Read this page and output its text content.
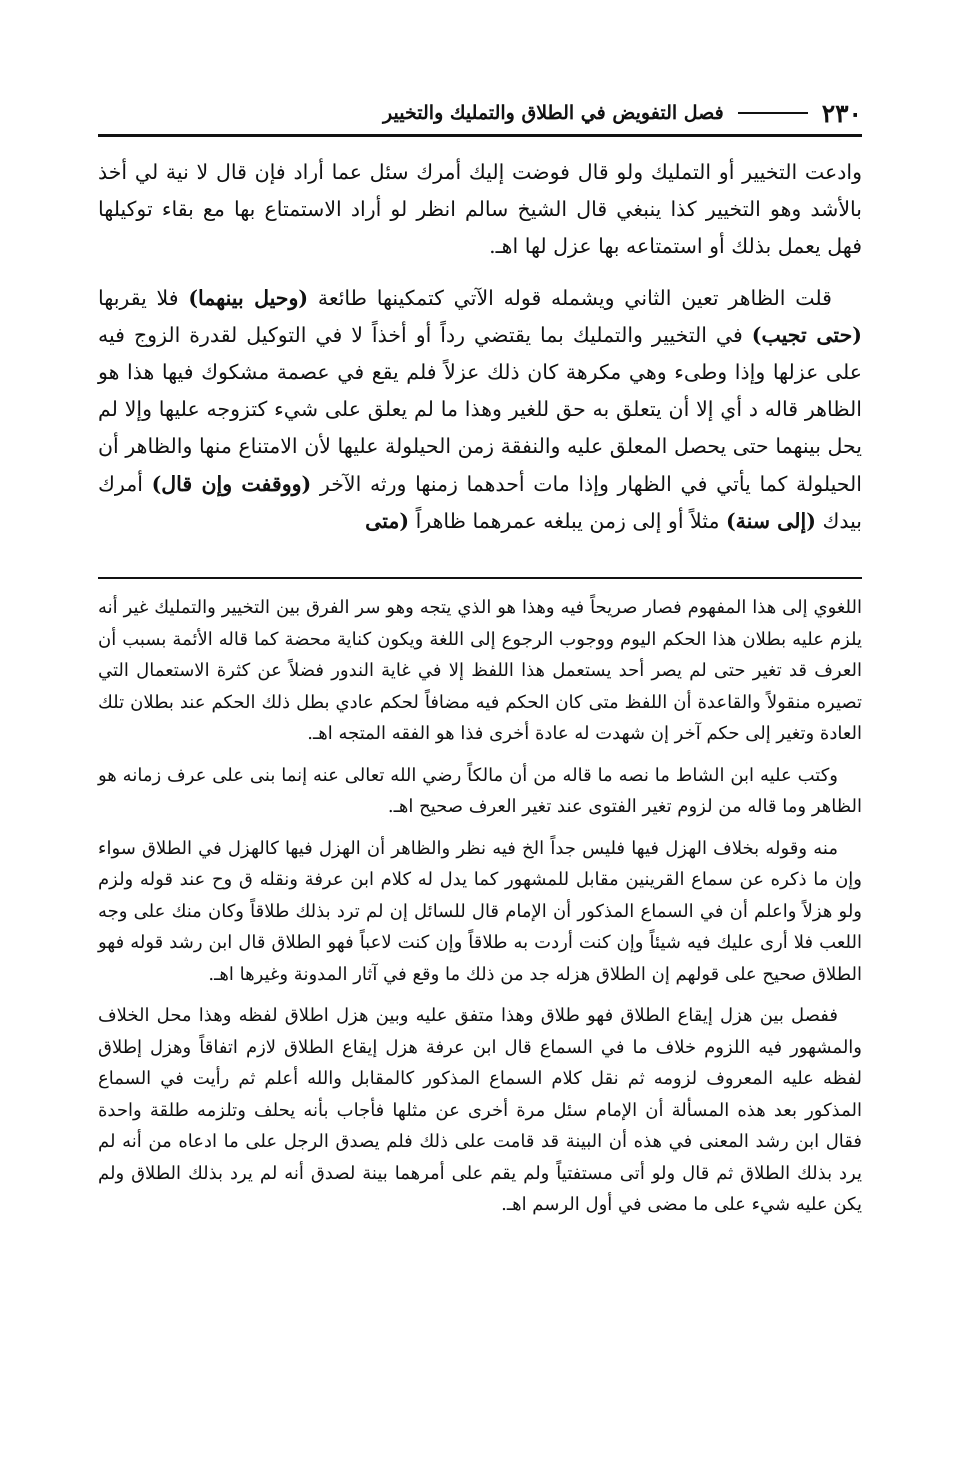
٢٣٠
فصل التفويض في الطلاق والتمليك والتخيير

وادعت التخيير أو التمليك ولو قال فوضت إليك أمرك سئل عما أراد فإن قال لا نية لي أخذ بالأشد وهو التخيير كذا ينبغي قال الشيخ سالم انظر لو أراد الاستمتاع بها مع بقاء توكيلها فهل يعمل بذلك أو استمتاعه بها عزل لها اهـ.

قلت الظاهر تعين الثاني ويشمله قوله الآتي كتمكينها طائعة (وحيل بينهما) فلا يقربها (حتى تجيب) في التخيير والتمليك بما يقتضي رداً أو أخذاً لا في التوكيل لقدرة الزوج فيه على عزلها وإذا وطىء وهي مكرهة كان ذلك عزلاً فلم يقع في عصمة مشكوك فيها هذا هو الظاهر قاله د أي إلا أن يتعلق به حق للغير وهذا ما لم يعلق على شيء كتزوجه عليها وإلا لم يحل بينهما حتى يحصل المعلق عليه والنفقة زمن الحيلولة عليها لأن الامتناع منها والظاهر أن الحيلولة كما يأتي في الظهار وإذا مات أحدهما زمنها ورثه الآخر (ووقفت وإن قال) أمرك بيدك (إلى سنة) مثلاً أو إلى زمن يبلغه عمرهما ظاهراً (متى

اللغوي إلى هذا المفهوم فصار صريحاً فيه وهذا هو الذي يتجه وهو سر الفرق بين التخيير والتمليك غير أنه يلزم عليه بطلان هذا الحكم اليوم ووجوب الرجوع إلى اللغة ويكون كناية محضة كما قاله الأئمة بسبب أن العرف قد تغير حتى لم يصر أحد يستعمل هذا اللفظ إلا في غاية الندور فضلاً عن كثرة الاستعمال التي تصيره منقولاً والقاعدة أن اللفظ متى كان الحكم فيه مضافاً لحكم عادي بطل ذلك الحكم عند بطلان تلك العادة وتغير إلى حكم آخر إن شهدت له عادة أخرى فذا هو الفقه المتجه اهـ.

وكتب عليه ابن الشاط ما نصه ما قاله من أن مالكاً رضي الله تعالى عنه إنما بنى على عرف زمانه هو الظاهر وما قاله من لزوم تغير الفتوى عند تغير العرف صحيح اهـ.

منه وقوله بخلاف الهزل فيها فليس جداً الخ فيه نظر والظاهر أن الهزل فيها كالهزل في الطلاق سواء وإن ما ذكره عن سماع القرينين مقابل للمشهور كما يدل له كلام ابن عرفة ونقله ق وح عند قوله ولزم ولو هزلاً واعلم أن في السماع المذكور أن الإمام قال للسائل إن لم ترد بذلك طلاقاً وكان منك على وجه اللعب فلا أرى عليك فيه شيئاً وإن كنت أردت به طلاقاً وإن كنت لاعباً فهو الطلاق قال ابن رشد قوله فهو الطلاق صحيح على قولهم إن الطلاق هزله جد من ذلك ما وقع في آثار المدونة وغيرها اهـ.

ففصل بين هزل إيقاع الطلاق فهو طلاق وهذا متفق عليه وبين هزل اطلاق لفظه وهذا محل الخلاف والمشهور فيه اللزوم خلاف ما في السماع قال ابن عرفة هزل إيقاع الطلاق لازم اتفاقاً وهزل إطلاق لفظه عليه المعروف لزومه ثم نقل كلام السماع المذكور كالمقابل والله أعلم ثم رأيت في السماع المذكور بعد هذه المسألة أن الإمام سئل مرة أخرى عن مثلها فأجاب بأنه يحلف وتلزمه طلقة واحدة فقال ابن رشد المعنى في هذه أن البينة قد قامت على ذلك فلم يصدق الرجل على ما ادعاه من أنه لم يرد بذلك الطلاق ثم قال ولو أتى مستفتياً ولم يقم على أمرهما بينة لصدق أنه لم يرد بذلك الطلاق ولم يكن عليه شيء على ما مضى في أول الرسم اهـ.
